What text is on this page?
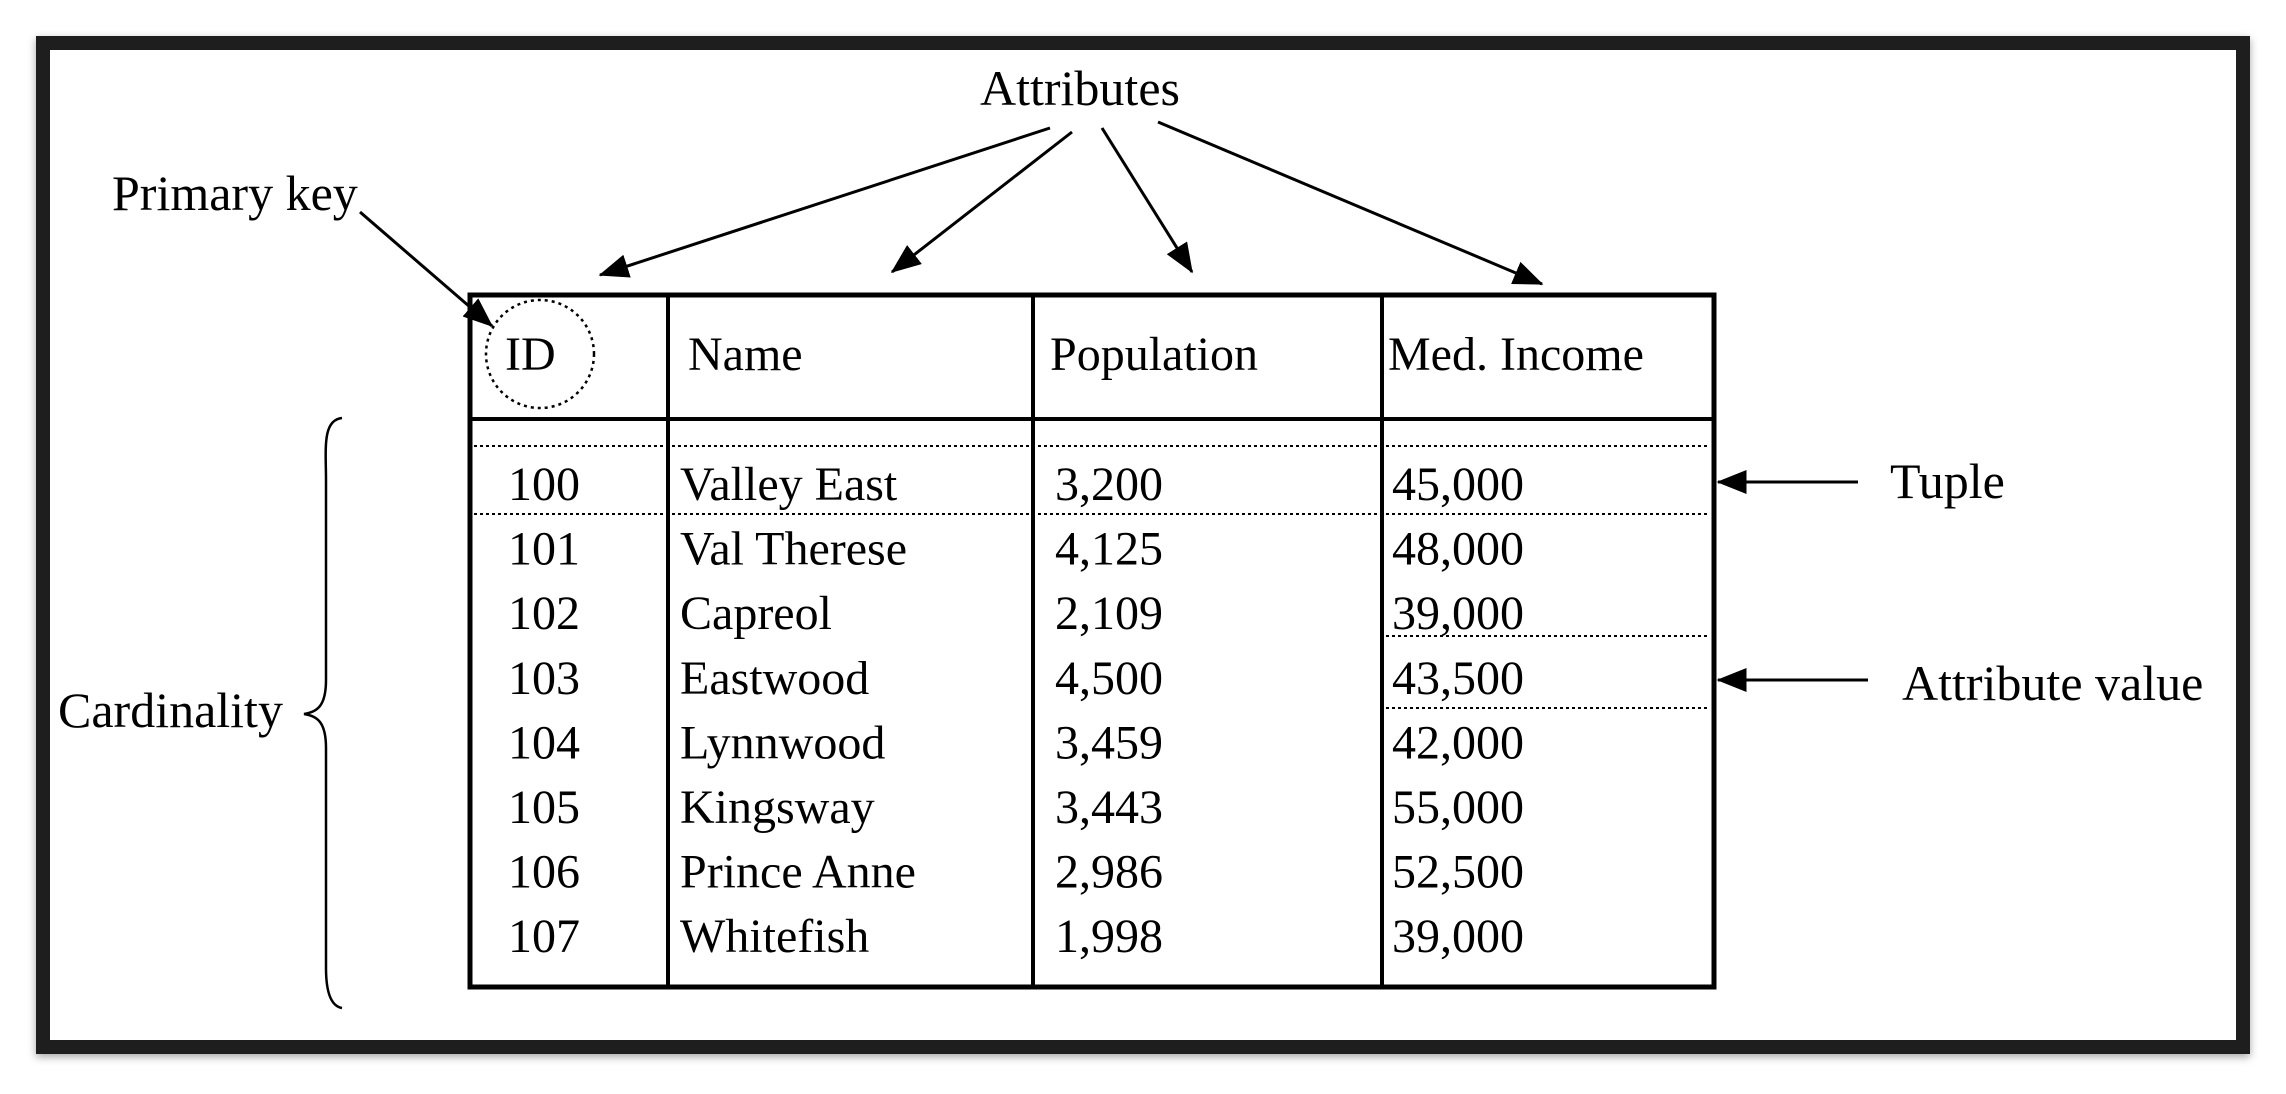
Attributes
Primary key
Cardinality
Tuple
Attribute value
ID	Name	Population	Med. Income
100 Valley East	3,200	45,000
101 Val Therese	4,125	48,000
102 Capreol	2,109	39,000
103 Eastwood	4,500	43,500
104 Lynnwood	3,459	42,000
105 Kingsway	3,443	55,000
106 Prince Anne	2,986	52,500
107 Whitefish	1,998	39,000
